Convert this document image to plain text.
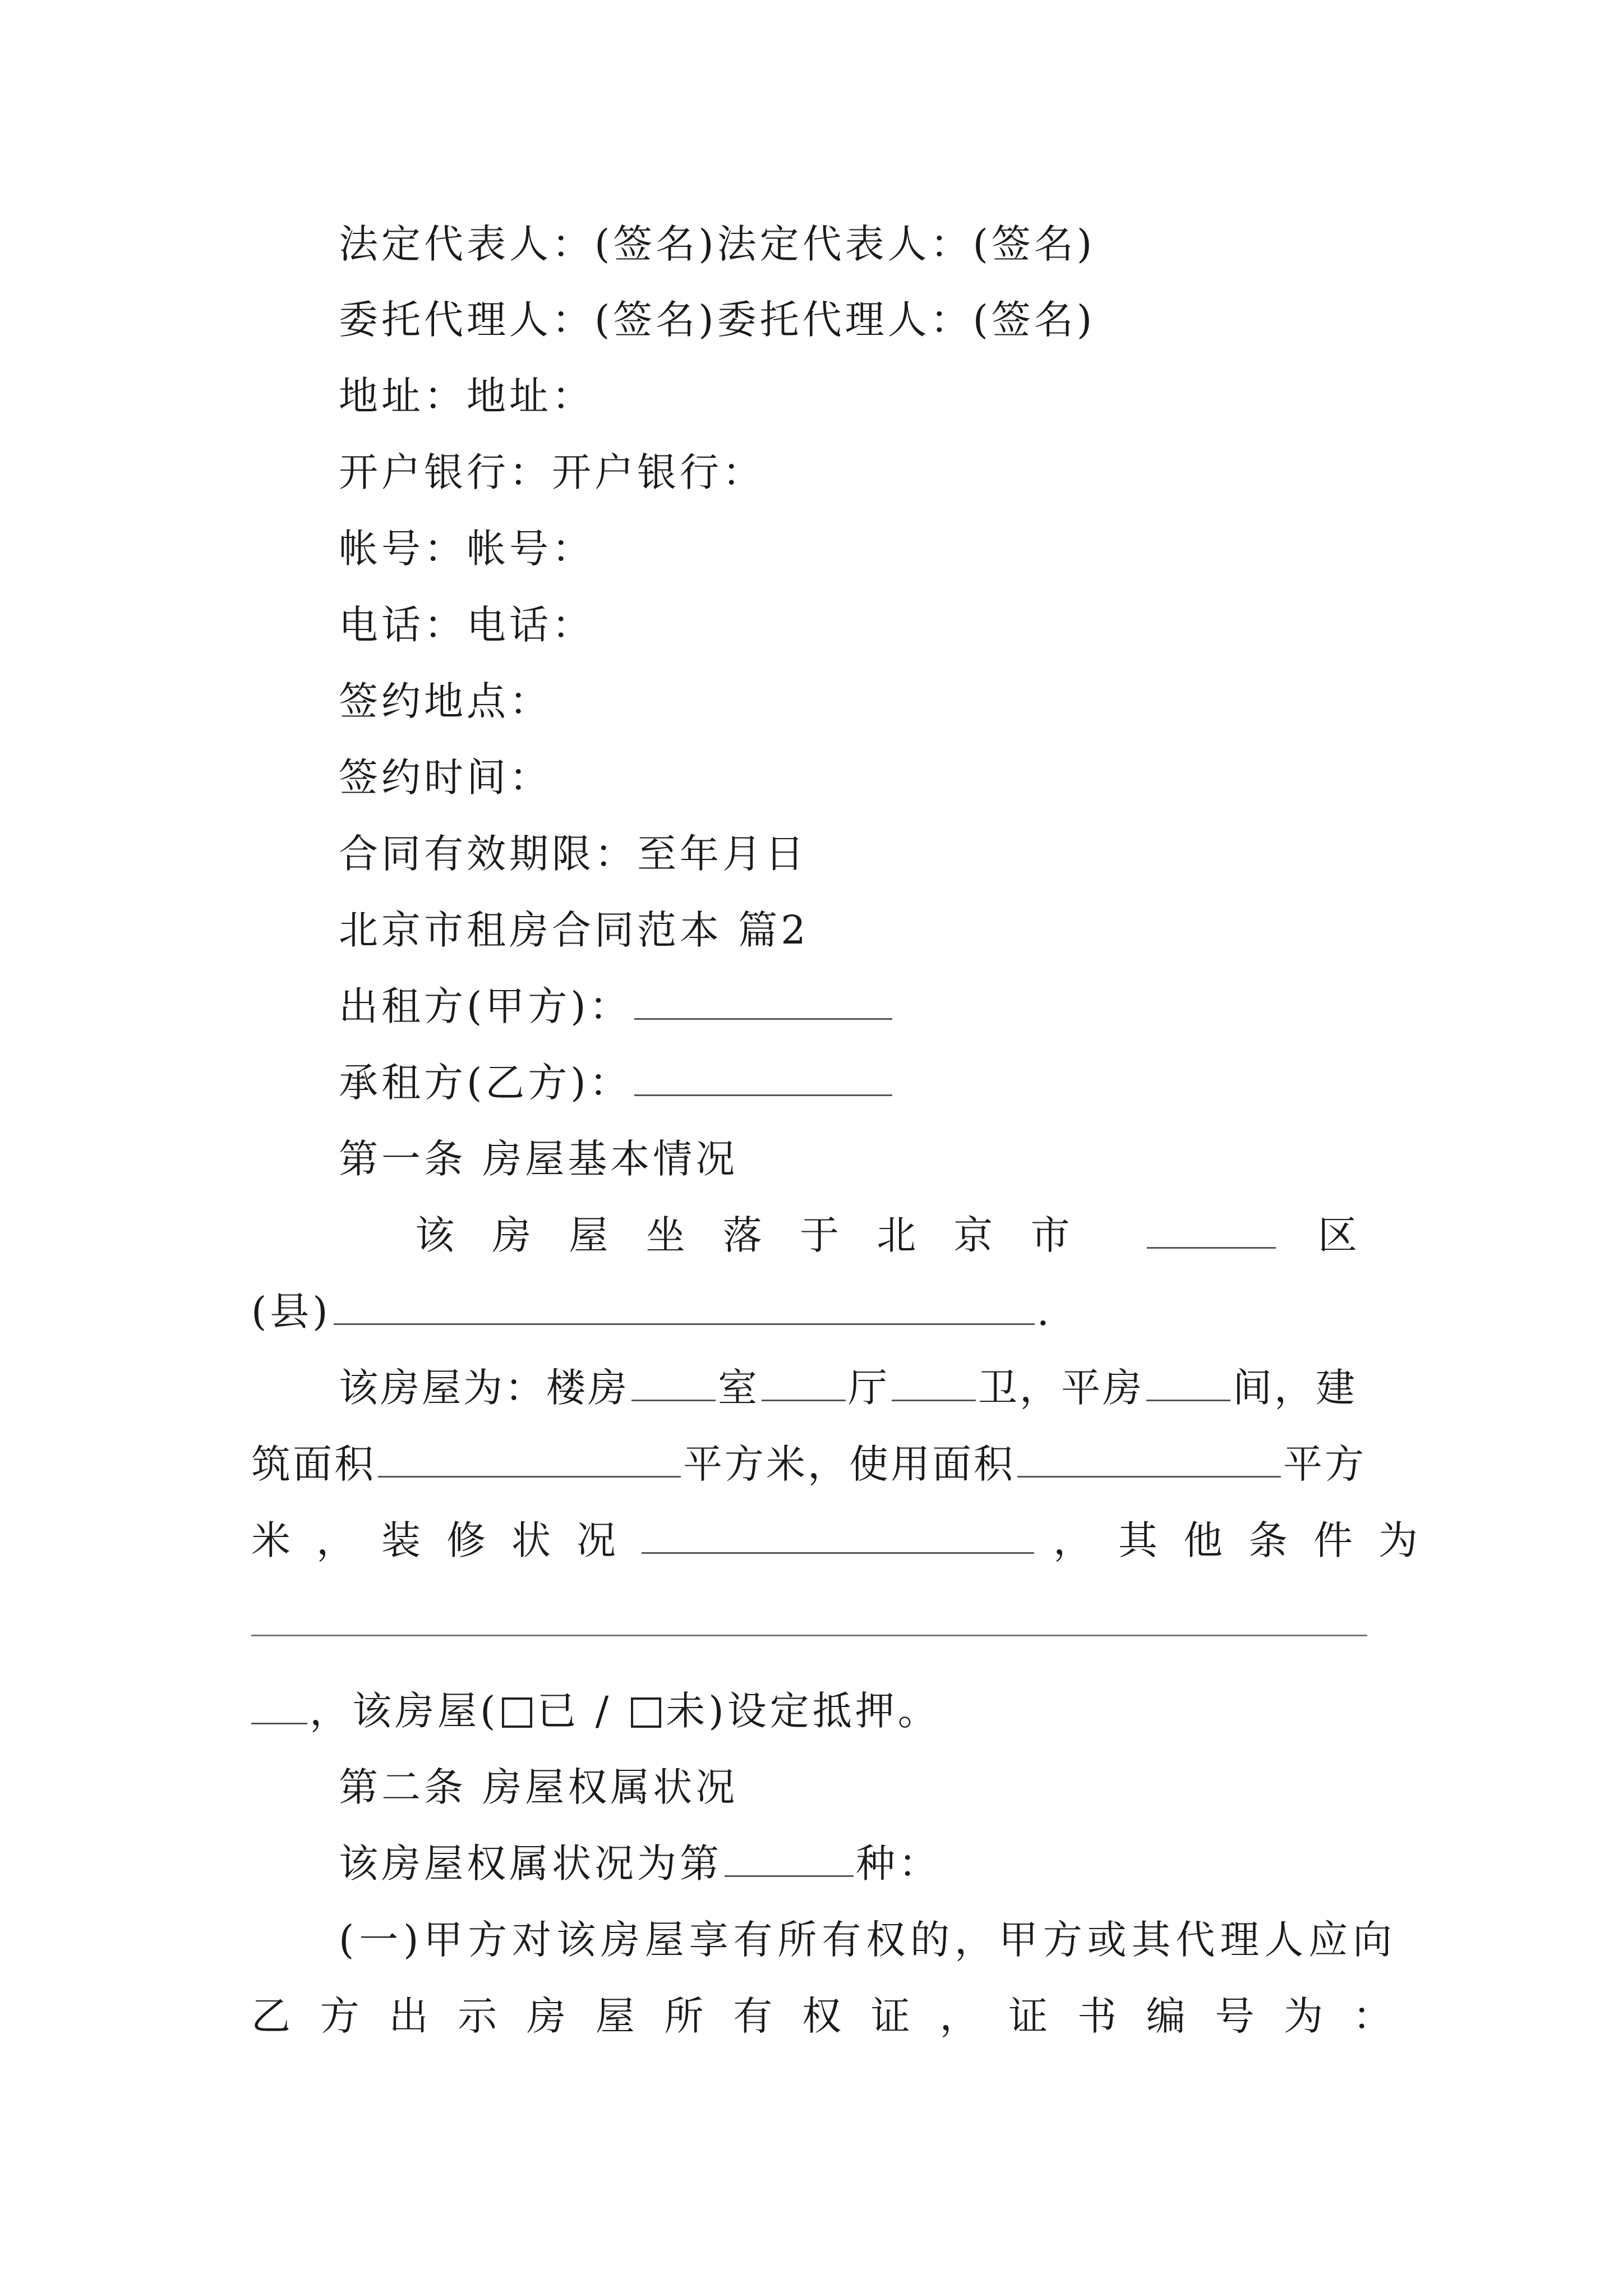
法定代表人：(签名)法定代表人：(签名)
委托代理人：(签名)委托代理人：(签名)
地址：地址：
开户银行：开户银行：
帐号：帐号：
电话：电话：
签约地点：
签约时间：
合同有效期限：至年月日
北京市租房合同范本 篇2
出租方(甲方)：
承租方(乙方)：
第一条 房屋基本情况
该房屋坐落于北京市	区
(县)	.
该房屋为：楼房 室 厅 卫，平房 间，建
筑面积	平方米，使用面积	平方
米，装修状况	，其他条件为
，该房屋( 已 / 未)设定抵押。
第二条 房屋权属状况
该房屋权属状况为第	种：
(一)甲方对该房屋享有所有权的，甲方或其代理人应向
乙方出示房屋所有权证，证书编号为：
